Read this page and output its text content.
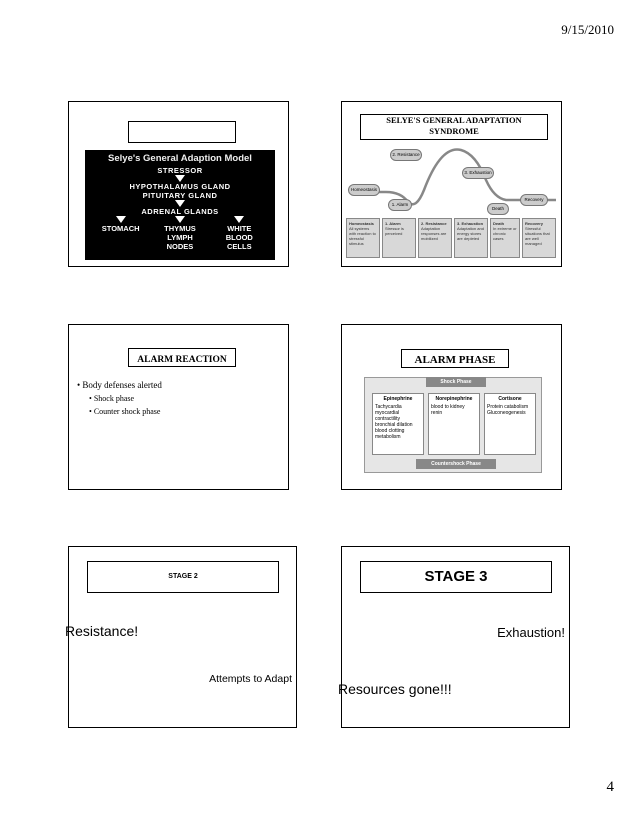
9/15/2010
Selye's General Adaption Model
STRESSOR
HYPOTHALAMUS GLAND
PITUITARY GLAND
ADRENAL GLANDS
STOMACH	THYMUS
LYMPH NODES
WHITE
BLOOD CELLS
SELYE'S GENERAL ADAPTATION
SYNDROME
2. Resistance
Homeostasis
1. Alarm
3. Exhaustion
Death
Recovery
Homeostasis
All systems with reaction to stressful stimulus
1. Alarm
Stressor is perceived
2. Resistance
Adaptation responses are mobilized
3. Exhaustion
Adaptation and energy stores are depleted
Death
In extreme or chronic cases
Recovery
Stressful situations that are well managed
ALARM REACTION
• Body defenses alerted
• Shock phase
• Counter shock phase
ALARM PHASE
Shock Phase
Epinephrine
Tachycardia
myocardial contractility
bronchial dilation
blood clotting
metabolism
Norepinephrine
blood to kidney
renin
Cortisone
Protein catabolism
Gluconeogenesis
Countershock Phase
STAGE 2
Resistance!
Attempts to Adapt
STAGE 3
Exhaustion!
Resources gone!!!
4
